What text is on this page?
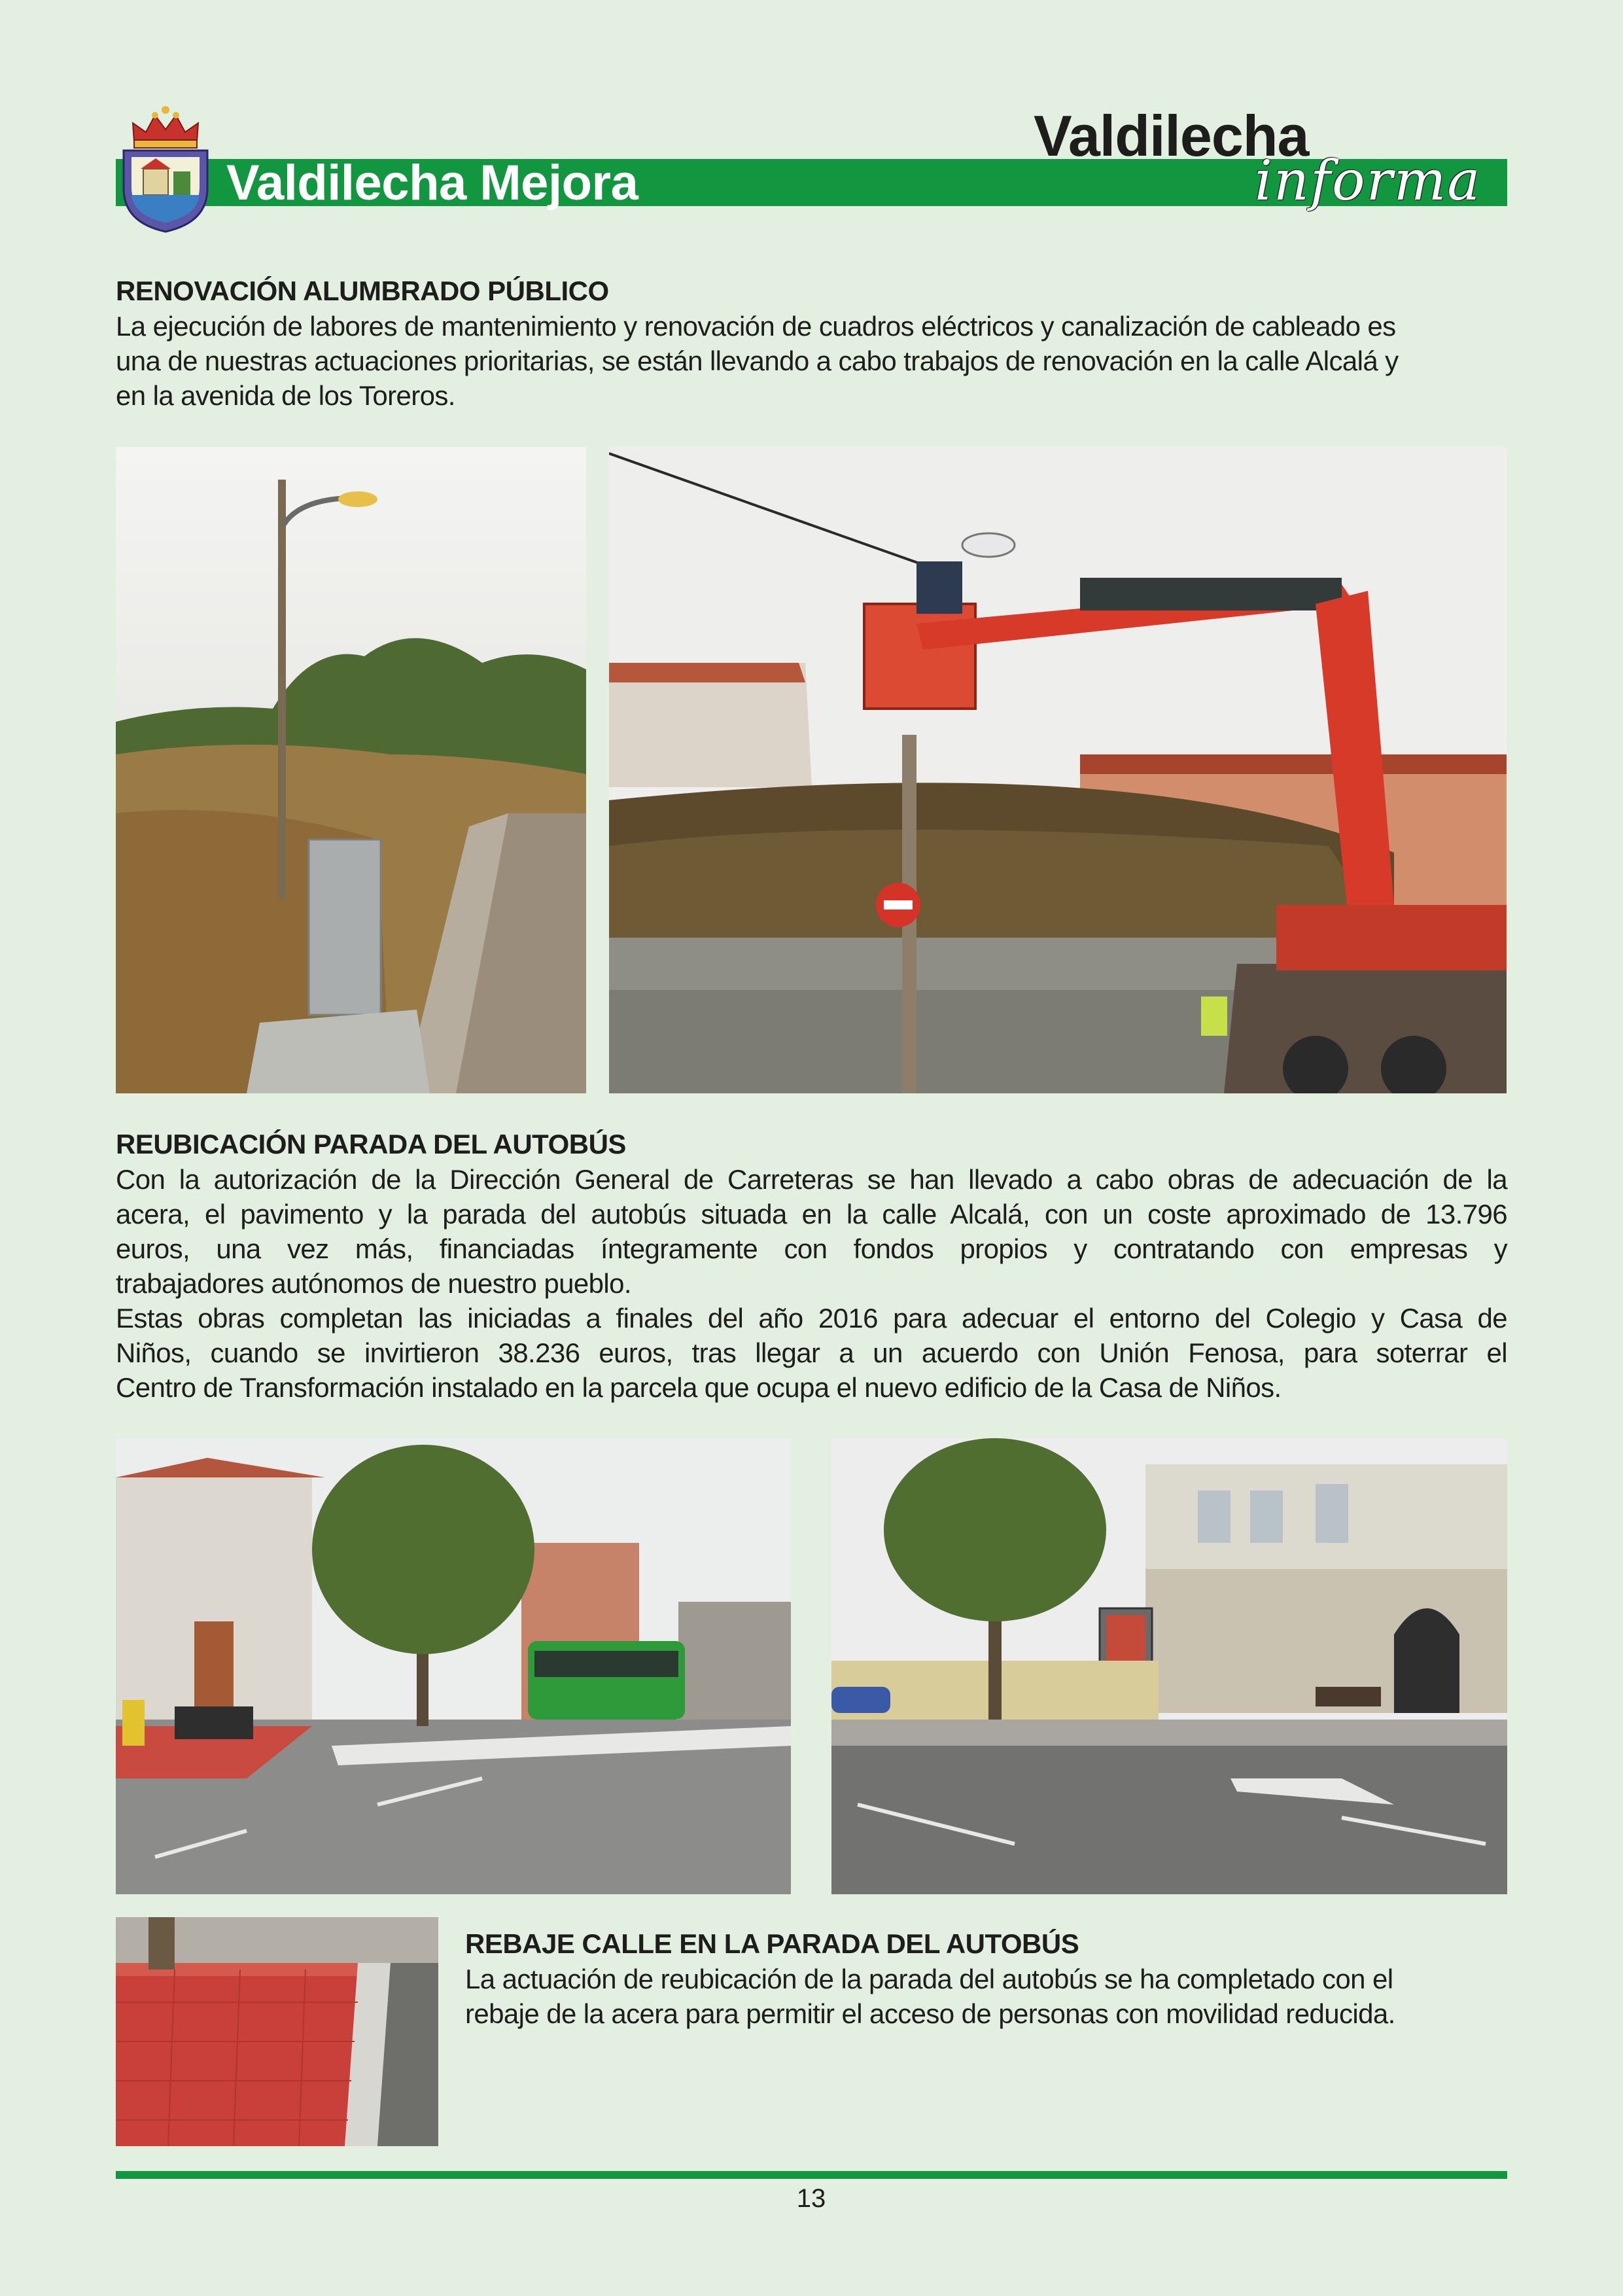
Valdilecha Mejora
Valdilecha
informa
RENOVACIÓN ALUMBRADO PÚBLICO
La ejecución de labores de mantenimiento y renovación de cuadros eléctricos y canalización de cableado es
una de nuestras actuaciones prioritarias, se están llevando a cabo trabajos de renovación en la calle Alcalá y
en la avenida de los Toreros.
REUBICACIÓN PARADA DEL AUTOBÚS
Con la autorización de la Dirección General de Carreteras se han llevado a cabo obras de adecuación de la
acera, el pavimento y la parada del autobús situada en la calle Alcalá, con un coste aproximado de 13.796
euros, una vez más, financiadas íntegramente con fondos propios y contratando con empresas y
trabajadores autónomos de nuestro pueblo.
Estas obras completan las iniciadas a finales del año 2016 para adecuar el entorno del Colegio y Casa de
Niños, cuando se invirtieron 38.236 euros, tras llegar a un acuerdo con Unión Fenosa, para soterrar el
Centro de Transformación instalado en la parcela que ocupa el nuevo edificio de la Casa de Niños.
REBAJE CALLE EN LA PARADA DEL AUTOBÚS
La actuación de reubicación de la parada del autobús se ha completado con el
rebaje de la acera para permitir el acceso de personas con movilidad reducida.
13
